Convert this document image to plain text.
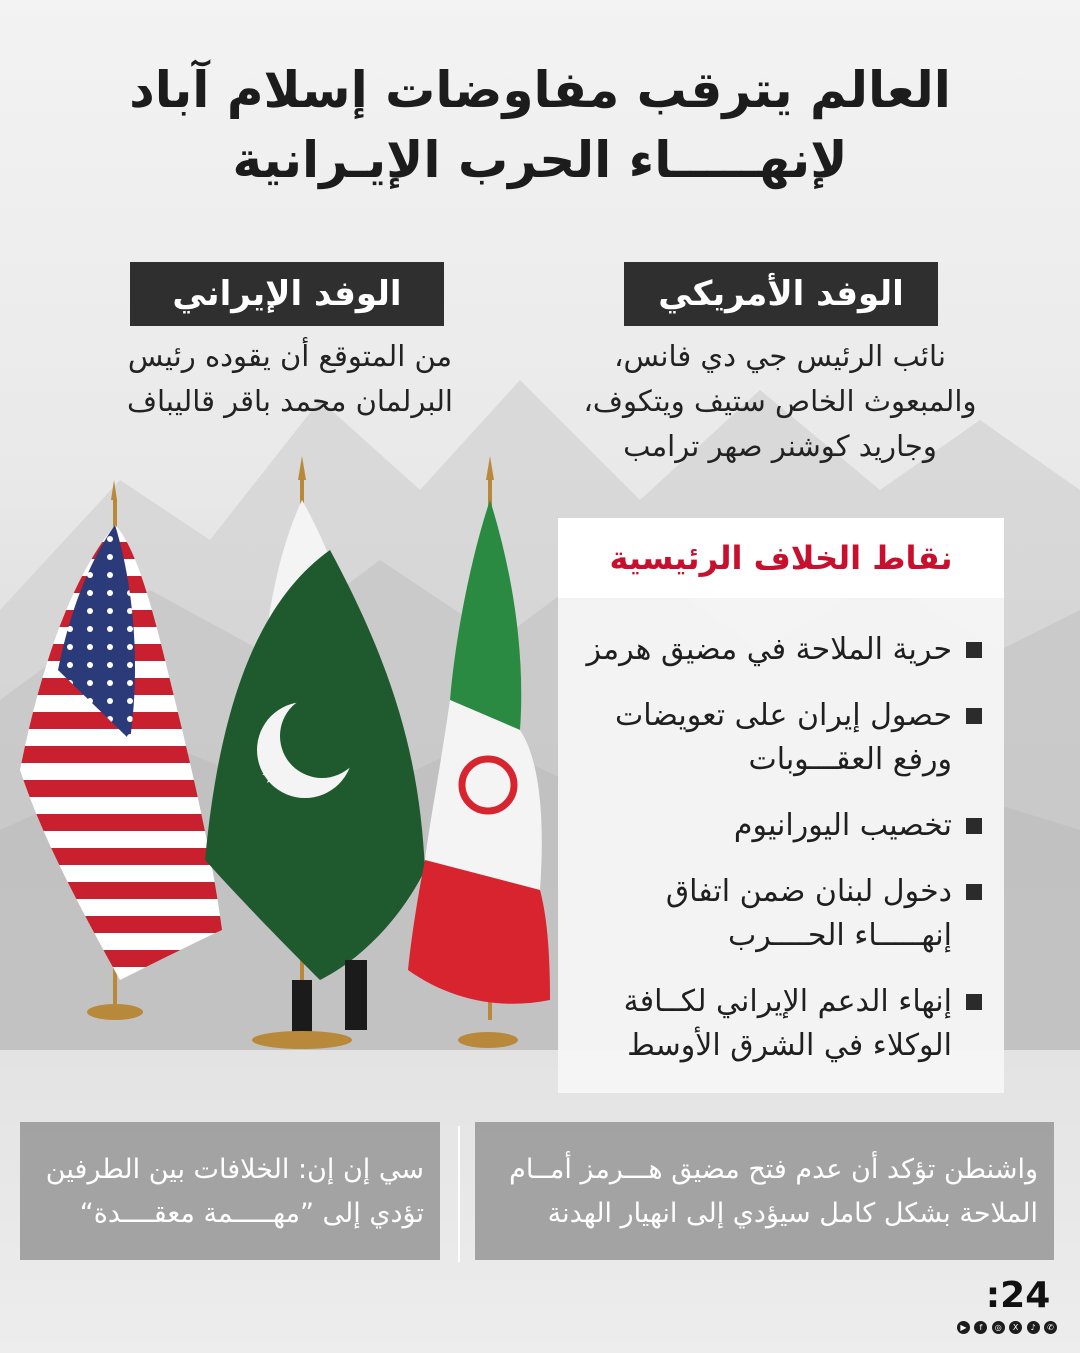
العالم يترقب مفاوضات إسلام آباد
لإنهـــــاء الحرب الإيـرانية
الوفد الأمريكي
نائب الرئيس جي دي فانس،
والمبعوث الخاص ستيف ويتكوف،
وجاريد كوشنر صهر ترامب
الوفد الإيراني
من المتوقع أن يقوده رئيس
البرلمان محمد باقر قاليباف
نقاط الخلاف الرئيسية
حرية الملاحة في مضيق هرمز
حصول إيران على تعويضات
ورفع العقـــوبات
تخصيب اليورانيوم
دخول لبنان ضمن اتفاق
إنهـــــاء الحــــرب
إنهاء الدعم الإيراني لكــافة
الوكلاء في الشرق الأوسط
واشنطن تؤكد أن عدم فتح مضيق هـــرمز أمــام
الملاحة بشكل كامل سيؤدي إلى انهيار الهدنة
سي إن إن: الخلافات بين الطرفين
تؤدي إلى ”مهـــــمة معقــــدة“
:24
▶	f	◎	X	♪	✆
